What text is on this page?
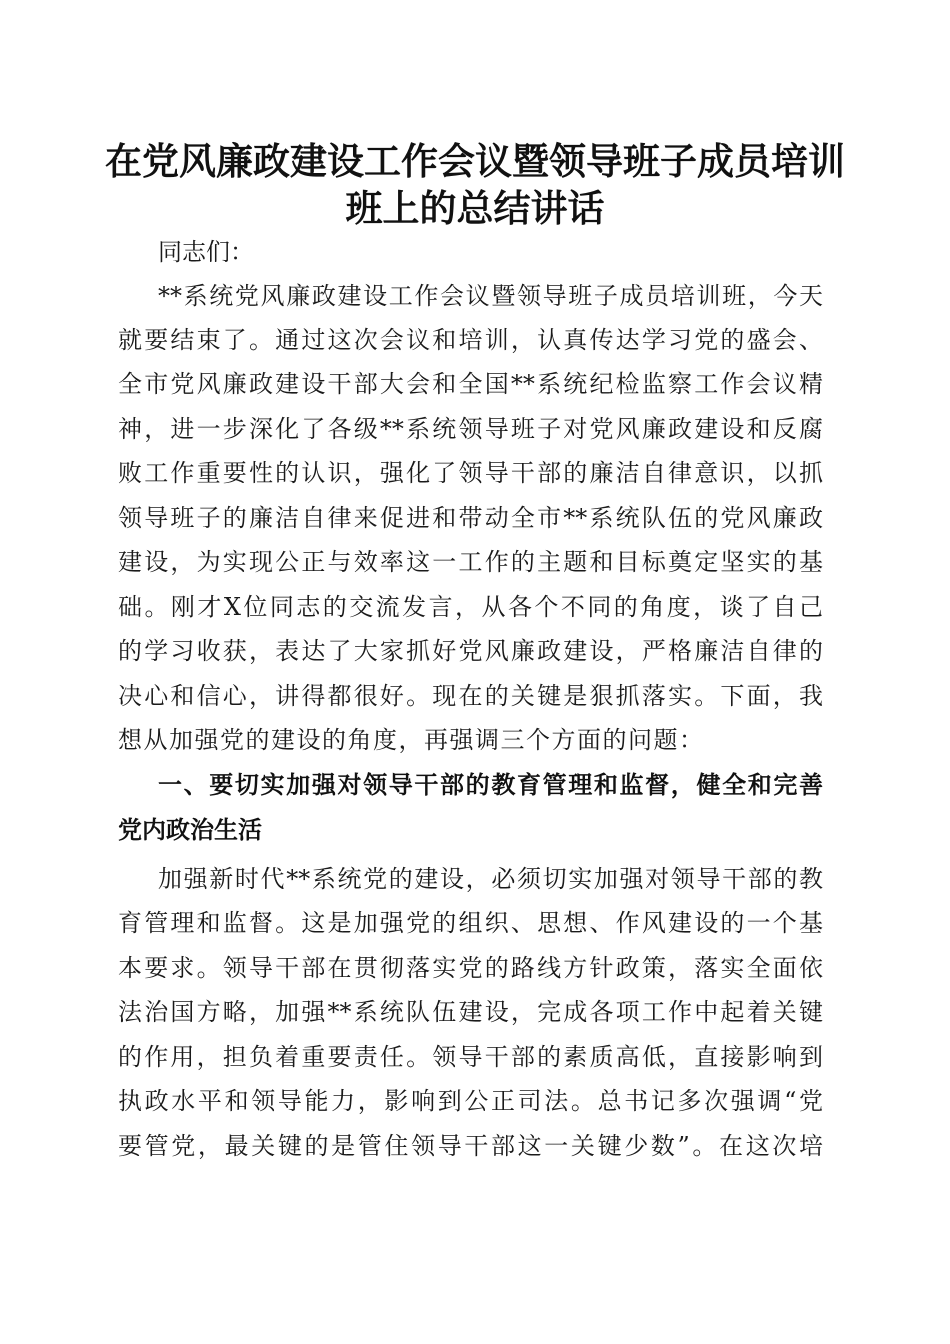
在党风廉政建设工作会议暨领导班子成员培训
班上的总结讲话
同志们：
**系统党风廉政建设工作会议暨领导班子成员培训班，今天
就要结束了。通过这次会议和培训，认真传达学习党的盛会、
全市党风廉政建设干部大会和全国**系统纪检监察工作会议精
神，进一步深化了各级**系统领导班子对党风廉政建设和反腐
败工作重要性的认识，强化了领导干部的廉洁自律意识，以抓
领导班子的廉洁自律来促进和带动全市**系统队伍的党风廉政
建设，为实现公正与效率这一工作的主题和目标奠定坚实的基
础。刚才X位同志的交流发言，从各个不同的角度，谈了自己
的学习收获，表达了大家抓好党风廉政建设，严格廉洁自律的
决心和信心，讲得都很好。现在的关键是狠抓落实。下面，我
想从加强党的建设的角度，再强调三个方面的问题：
一、要切实加强对领导干部的教育管理和监督，健全和完善
党内政治生活
加强新时代**系统党的建设，必须切实加强对领导干部的教
育管理和监督。这是加强党的组织、思想、作风建设的一个基
本要求。领导干部在贯彻落实党的路线方针政策，落实全面依
法治国方略，加强**系统队伍建设，完成各项工作中起着关键
的作用，担负着重要责任。领导干部的素质高低，直接影响到
执政水平和领导能力，影响到公正司法。总书记多次强调“党
要管党，最关键的是管住领导干部这一关键少数”。在这次培
